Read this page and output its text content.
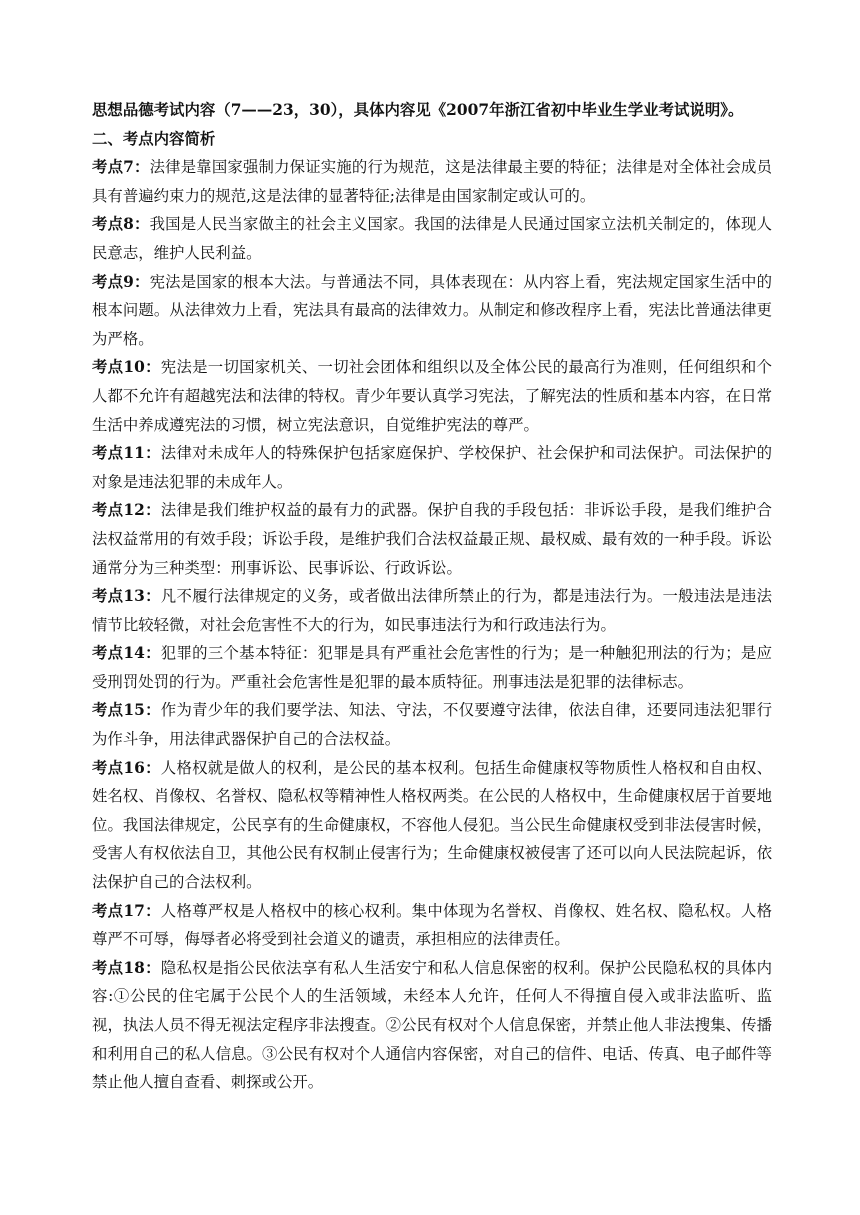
思想品德考试内容（7——23，30），具体内容见《2007年浙江省初中毕业生学业考试说明》。

二、考点内容简析

考点7：法律是靠国家强制力保证实施的行为规范，这是法律最主要的特征；法律是对全体社会成员具有普遍约束力的规范,这是法律的显著特征;法律是由国家制定或认可的。

考点8：我国是人民当家做主的社会主义国家。我国的法律是人民通过国家立法机关制定的，体现人民意志，维护人民利益。

考点9：宪法是国家的根本大法。与普通法不同，具体表现在：从内容上看，宪法规定国家生活中的根本问题。从法律效力上看，宪法具有最高的法律效力。从制定和修改程序上看，宪法比普通法律更为严格。

考点10：宪法是一切国家机关、一切社会团体和组织以及全体公民的最高行为准则，任何组织和个人都不允许有超越宪法和法律的特权。青少年要认真学习宪法，了解宪法的性质和基本内容，在日常生活中养成遵宪法的习惯，树立宪法意识，自觉维护宪法的尊严。

考点11：法律对未成年人的特殊保护包括家庭保护、学校保护、社会保护和司法保护。司法保护的对象是违法犯罪的未成年人。

考点12：法律是我们维护权益的最有力的武器。保护自我的手段包括：非诉讼手段，是我们维护合法权益常用的有效手段；诉讼手段，是维护我们合法权益最正规、最权威、最有效的一种手段。诉讼通常分为三种类型：刑事诉讼、民事诉讼、行政诉讼。

考点13：凡不履行法律规定的义务，或者做出法律所禁止的行为，都是违法行为。一般违法是违法情节比较轻微，对社会危害性不大的行为，如民事违法行为和行政违法行为。

考点14：犯罪的三个基本特征：犯罪是具有严重社会危害性的行为；是一种触犯刑法的行为；是应受刑罚处罚的行为。严重社会危害性是犯罪的最本质特征。刑事违法是犯罪的法律标志。

考点15：作为青少年的我们要学法、知法、守法，不仅要遵守法律，依法自律，还要同违法犯罪行为作斗争，用法律武器保护自己的合法权益。

考点16：人格权就是做人的权利，是公民的基本权利。包括生命健康权等物质性人格权和自由权、姓名权、肖像权、名誉权、隐私权等精神性人格权两类。在公民的人格权中，生命健康权居于首要地位。我国法律规定，公民享有的生命健康权，不容他人侵犯。当公民生命健康权受到非法侵害时候，受害人有权依法自卫，其他公民有权制止侵害行为；生命健康权被侵害了还可以向人民法院起诉，依法保护自己的合法权利。

考点17：人格尊严权是人格权中的核心权利。集中体现为名誉权、肖像权、姓名权、隐私权。人格尊严不可辱，侮辱者必将受到社会道义的谴责，承担相应的法律责任。

考点18：隐私权是指公民依法享有私人生活安宁和私人信息保密的权利。保护公民隐私权的具体内容:①公民的住宅属于公民个人的生活领域，未经本人允许，任何人不得擅自侵入或非法监听、监视，执法人员不得无视法定程序非法搜查。②公民有权对个人信息保密，并禁止他人非法搜集、传播和利用自己的私人信息。③公民有权对个人通信内容保密，对自己的信件、电话、传真、电子邮件等禁止他人擅自查看、刺探或公开。
